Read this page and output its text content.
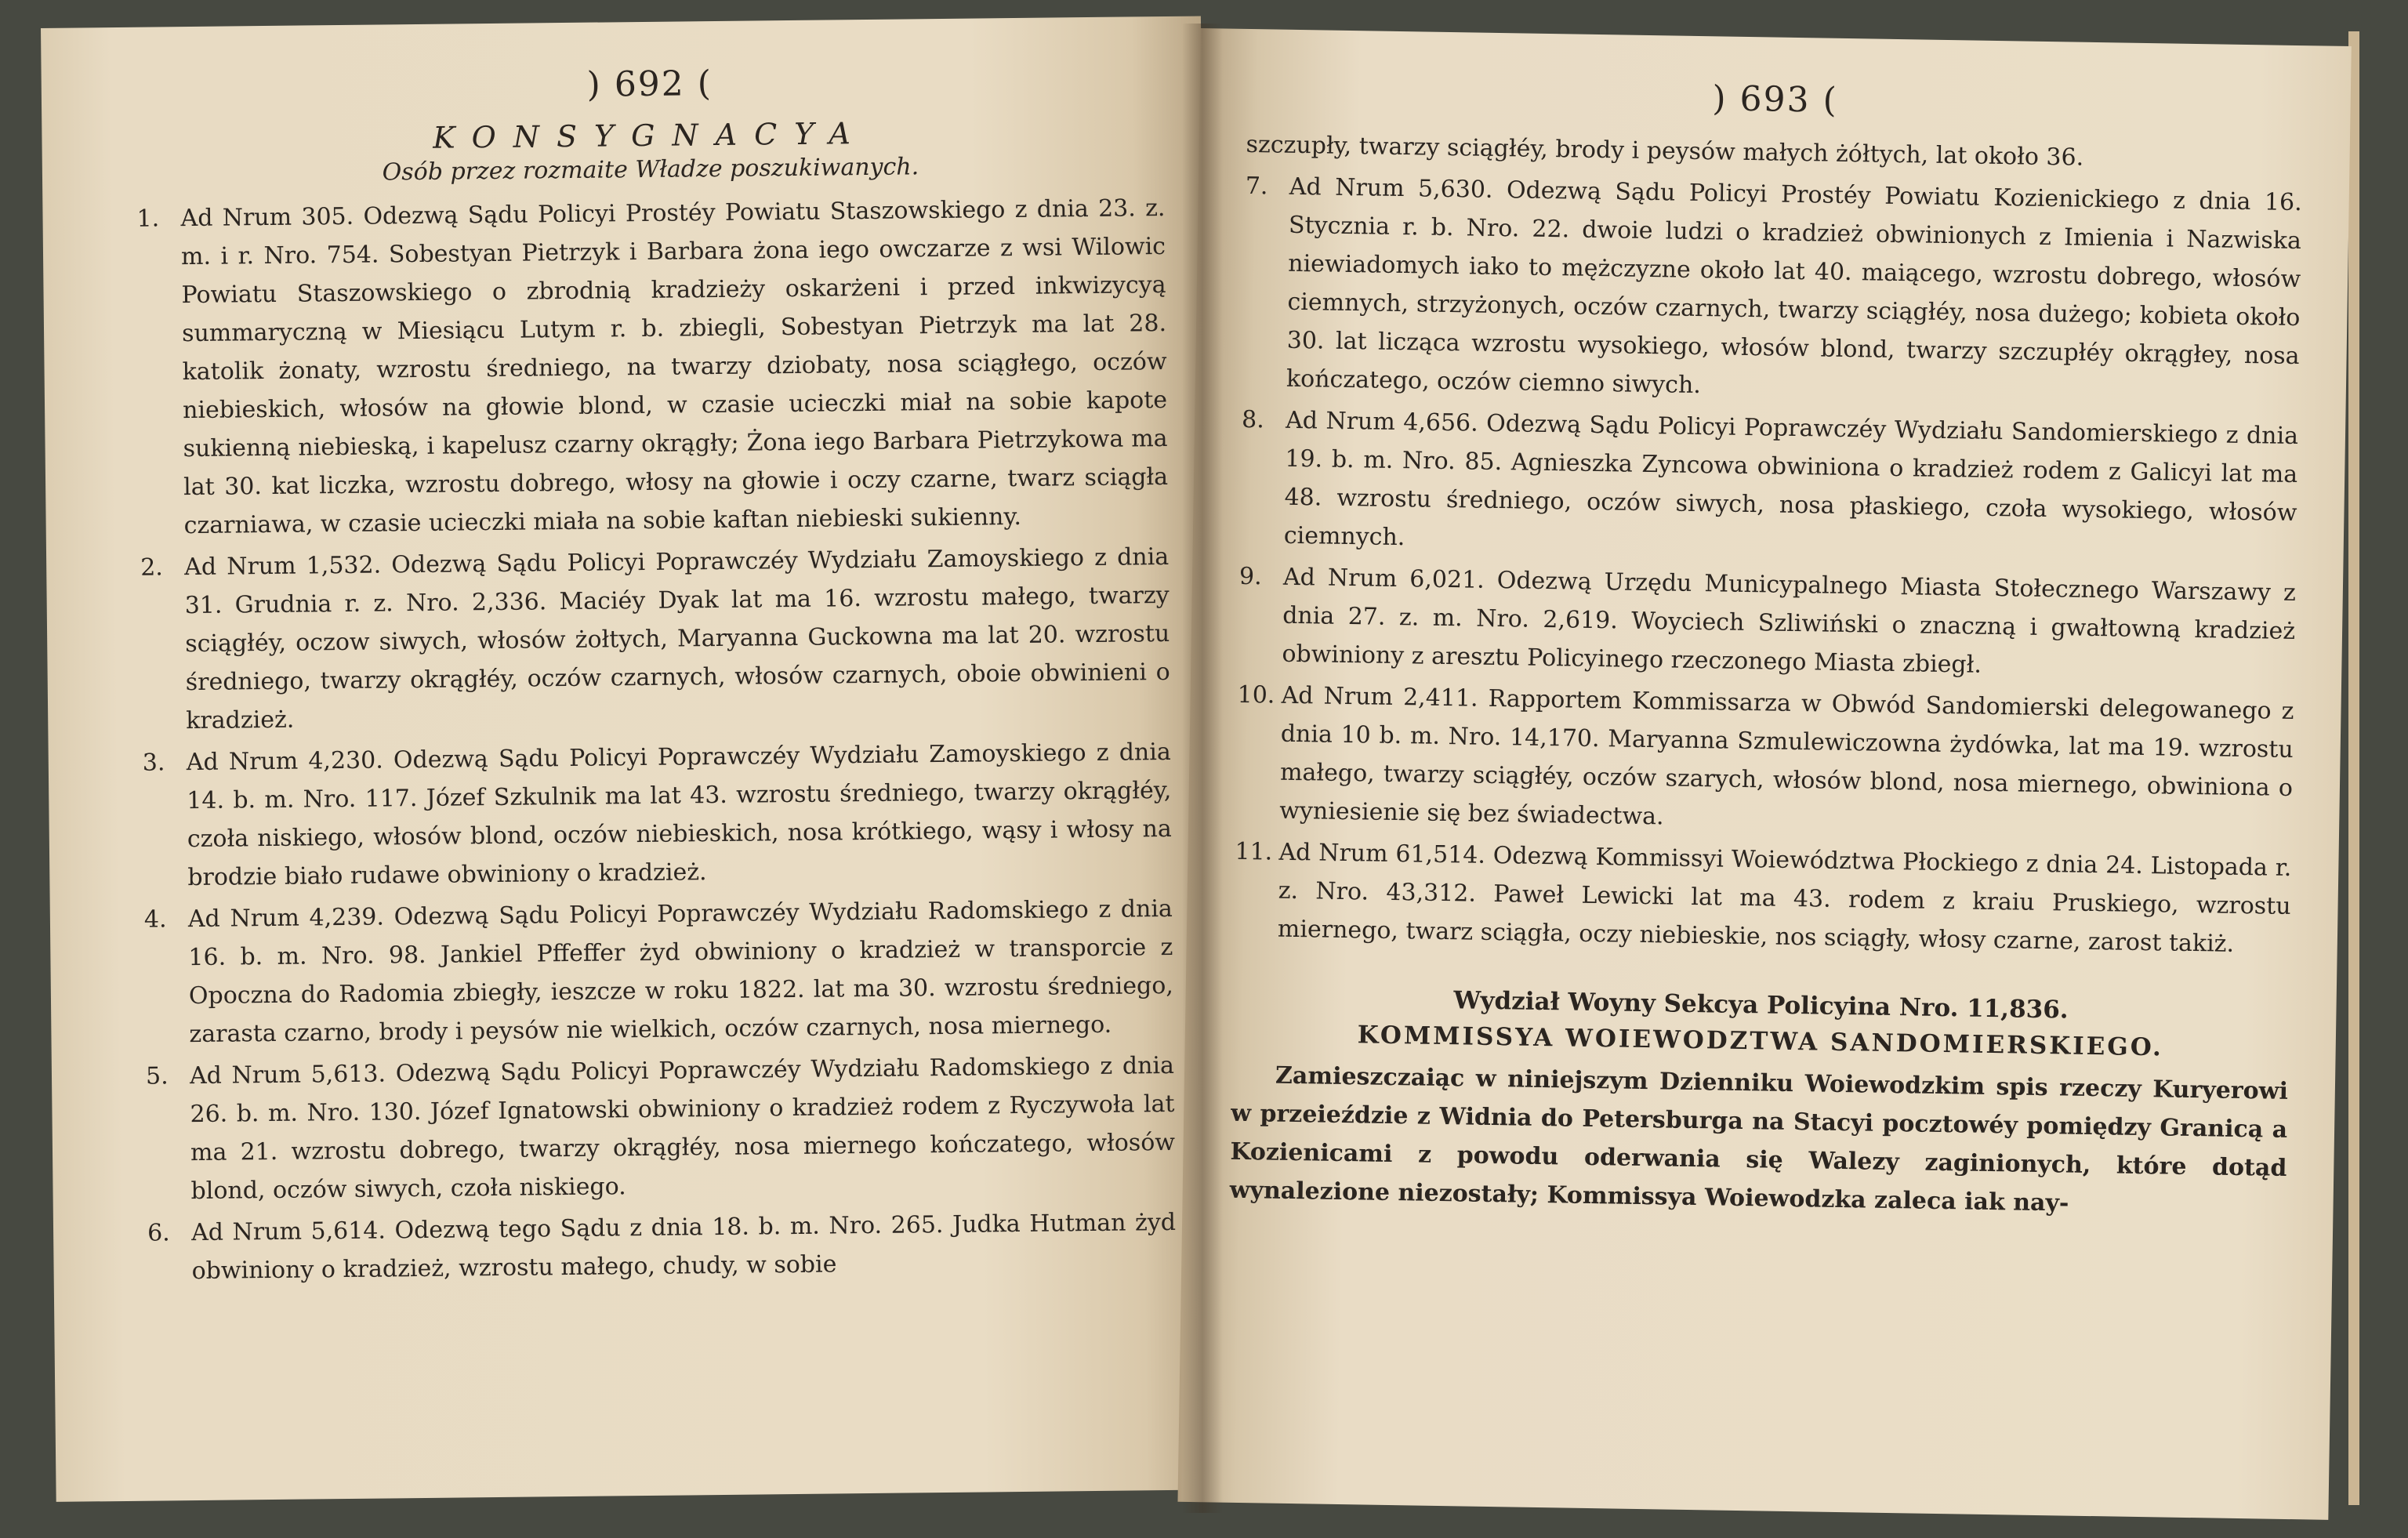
) 692 (
KONSYGNACYA
Osób przez rozmaite Władze poszukiwanych.
1. Ad Nrum 305. Odezwą Sądu Policyi Prostéy Powiatu Staszowskiego z dnia 23. z. m. i r. Nro. 754. Sobestyan Pietrzyk i Barbara żona iego owczarze z wsi Wilowic Powiatu Staszowskiego o zbrodnią kradzieży oskarżeni i przed inkwizycyą summaryczną w Miesiącu Lutym r. b. zbiegli, Sobestyan Pietrzyk ma lat 28. katolik żonaty, wzrostu średniego, na twarzy dziobaty, nosa sciągłego, oczów niebieskich, włosów na głowie blond, w czasie ucieczki miał na sobie kapote sukienną niebieską, i kapelusz czarny okrągły; Żona iego Barbara Pietrzykowa ma lat 30. kat liczka, wzrostu dobrego, włosy na głowie i oczy czarne, twarz sciągła czarniawa, w czasie ucieczki miała na sobie kaftan niebieski sukienny.
2. Ad Nrum 1,532. Odezwą Sądu Policyi Poprawczéy Wydziału Zamoyskiego z dnia 31. Grudnia r. z. Nro. 2,336. Maciéy Dyak lat ma 16. wzrostu małego, twarzy sciągłéy, oczow siwych, włosów żołtych, Maryanna Guckowna ma lat 20. wzrostu średniego, twarzy okrągłéy, oczów czarnych, włosów czarnych, oboie obwinieni o kradzież.
3. Ad Nrum 4,230. Odezwą Sądu Policyi Poprawczéy Wydziału Zamoyskiego z dnia 14. b. m. Nro. 117. Józef Szkulnik ma lat 43. wzrostu średniego, twarzy okrągłéy, czoła niskiego, włosów blond, oczów niebieskich, nosa krótkiego, wąsy i włosy na brodzie biało rudawe obwiniony o kradzież.
4. Ad Nrum 4,239. Odezwą Sądu Policyi Poprawczéy Wydziału Radomskiego z dnia 16. b. m. Nro. 98. Jankiel Pffeffer żyd obwiniony o kradzież w transporcie z Opoczna do Radomia zbiegły, ieszcze w roku 1822. lat ma 30. wzrostu średniego, zarasta czarno, brody i peysów nie wielkich, oczów czarnych, nosa miernego.
5. Ad Nrum 5,613. Odezwą Sądu Policyi Poprawczéy Wydziału Radomskiego z dnia 26. b. m. Nro. 130. Józef Ignatowski obwiniony o kradzież rodem z Ryczywoła lat ma 21. wzrostu dobrego, twarzy okrągłéy, nosa miernego kończatego, włosów blond, oczów siwych, czoła niskiego.
6. Ad Nrum 5,614. Odezwą tego Sądu z dnia 18. b. m. Nro. 265. Judka Hutman żyd obwiniony o kradzież, wzrostu małego, chudy, w sobie
) 693 (
szczupły, twarzy sciągłéy, brody i peysów małych żółtych, lat około 36.
7. Ad Nrum 5,630. Odezwą Sądu Policyi Prostéy Powiatu Kozienickiego z dnia 16. Stycznia r. b. Nro. 22. dwoie ludzi o kradzież obwinionych z Imienia i Nazwiska niewiadomych iako to mężczyzne około lat 40. maiącego, wzrostu dobrego, włosów ciemnych, strzyżonych, oczów czarnych, twarzy sciągłéy, nosa dużego; kobieta około 30. lat licząca wzrostu wysokiego, włosów blond, twarzy szczupłéy okrągłey, nosa kończatego, oczów ciemno siwych.
8. Ad Nrum 4,656. Odezwą Sądu Policyi Poprawczéy Wydziału Sandomierskiego z dnia 19. b. m. Nro. 85. Agnieszka Zyncowa obwiniona o kradzież rodem z Galicyi lat ma 48. wzrostu średniego, oczów siwych, nosa płaskiego, czoła wysokiego, włosów ciemnych.
9. Ad Nrum 6,021. Odezwą Urzędu Municypalnego Miasta Stołecznego Warszawy z dnia 27. z. m. Nro. 2,619. Woyciech Szliwiński o znaczną i gwałtowną kradzież obwiniony z aresztu Policyinego rzeczonego Miasta zbiegł.
10. Ad Nrum 2,411. Rapportem Kommissarza w Obwód Sandomierski delegowanego z dnia 10 b. m. Nro. 14,170. Maryanna Szmulewiczowna żydówka, lat ma 19. wzrostu małego, twarzy sciągłéy, oczów szarych, włosów blond, nosa miernego, obwiniona o wyniesienie się bez świadectwa.
11. Ad Nrum 61,514. Odezwą Kommissyi Woiewództwa Płockiego z dnia 24. Listopada r. z. Nro. 43,312. Paweł Lewicki lat ma 43. rodem z kraiu Pruskiego, wzrostu miernego, twarz sciągła, oczy niebieskie, nos sciągły, włosy czarne, zarost takiż.
Wydział Woyny Sekcya Policyina Nro. 11,836.
KOMMISSYA WOIEWODZTWA SANDOMIERSKIEGO.
Zamieszczaiąc w niniejszym Dzienniku Woiewodzkim spis rzeczy Kuryerowi w przeieździe z Widnia do Petersburga na Stacyi pocztowéy pomiędzy Granicą a Kozienicami z powodu oderwania się Walezy zaginionych, które dotąd wynalezione niezostały; Kommissya Woiewodzka zaleca iak nay-
